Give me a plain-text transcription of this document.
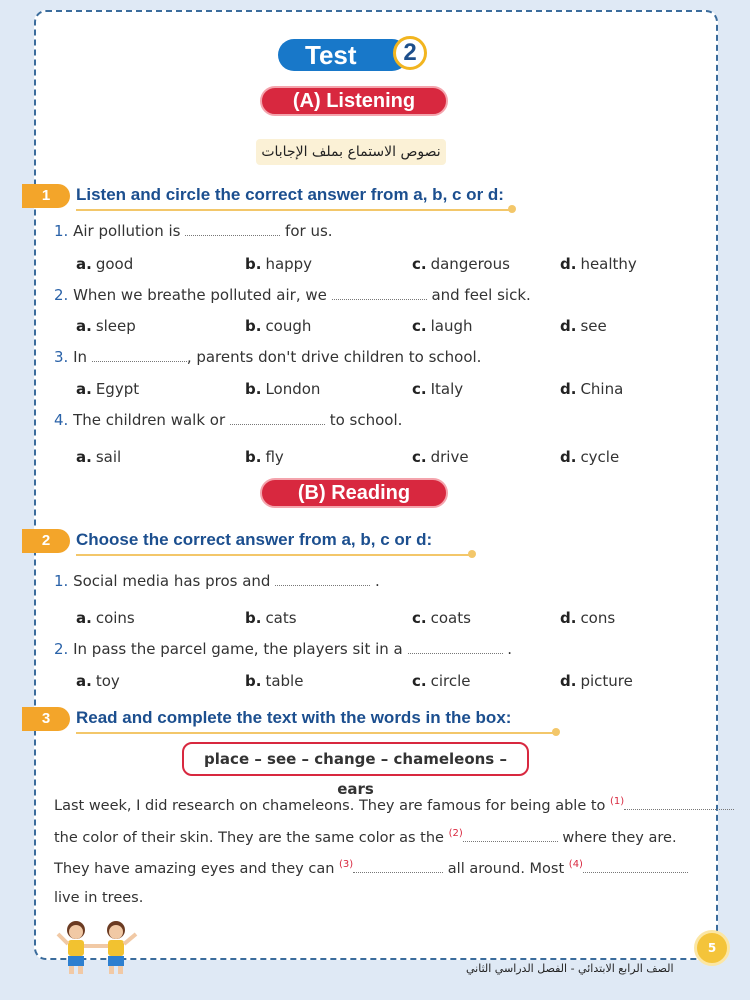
Test	2
(A) Listening
نصوص الاستماع بملف الإجابات
1	Listen and circle the correct answer from a, b, c or d:
1. Air pollution is	for us.
a. good	b. happy	c. dangerous	d. healthy
2. When we breathe polluted air, we	and feel sick.
a. sleep	b. cough	c. laugh	d. see
3. In	, parents don't drive children to school.
a. Egypt	b. London	c. Italy	d. China
4. The children walk or	to school.
a. sail	b. fly	c. drive	d. cycle
(B) Reading
2	Choose the correct answer from a, b, c or d:
1. Social media has pros and	.
a. coins	b. cats	c. coats	d. cons
2. In pass the parcel game, the players sit in a	.
a. toy	b. table	c. circle	d. picture
3	Read and complete the text with the words in the box:
place – see – change – chameleons – ears
Last week, I did research on chameleons. They are famous for being able to $^{(1)}$
the color of their skin. They are the same color as the $^{(2)}$	where they are.
They have amazing eyes and they can $^{(3)}$	all around. Most $^{(4)}$
live in trees.
الصف الرابع الابتدائي - الفصل الدراسي الثاني
5
